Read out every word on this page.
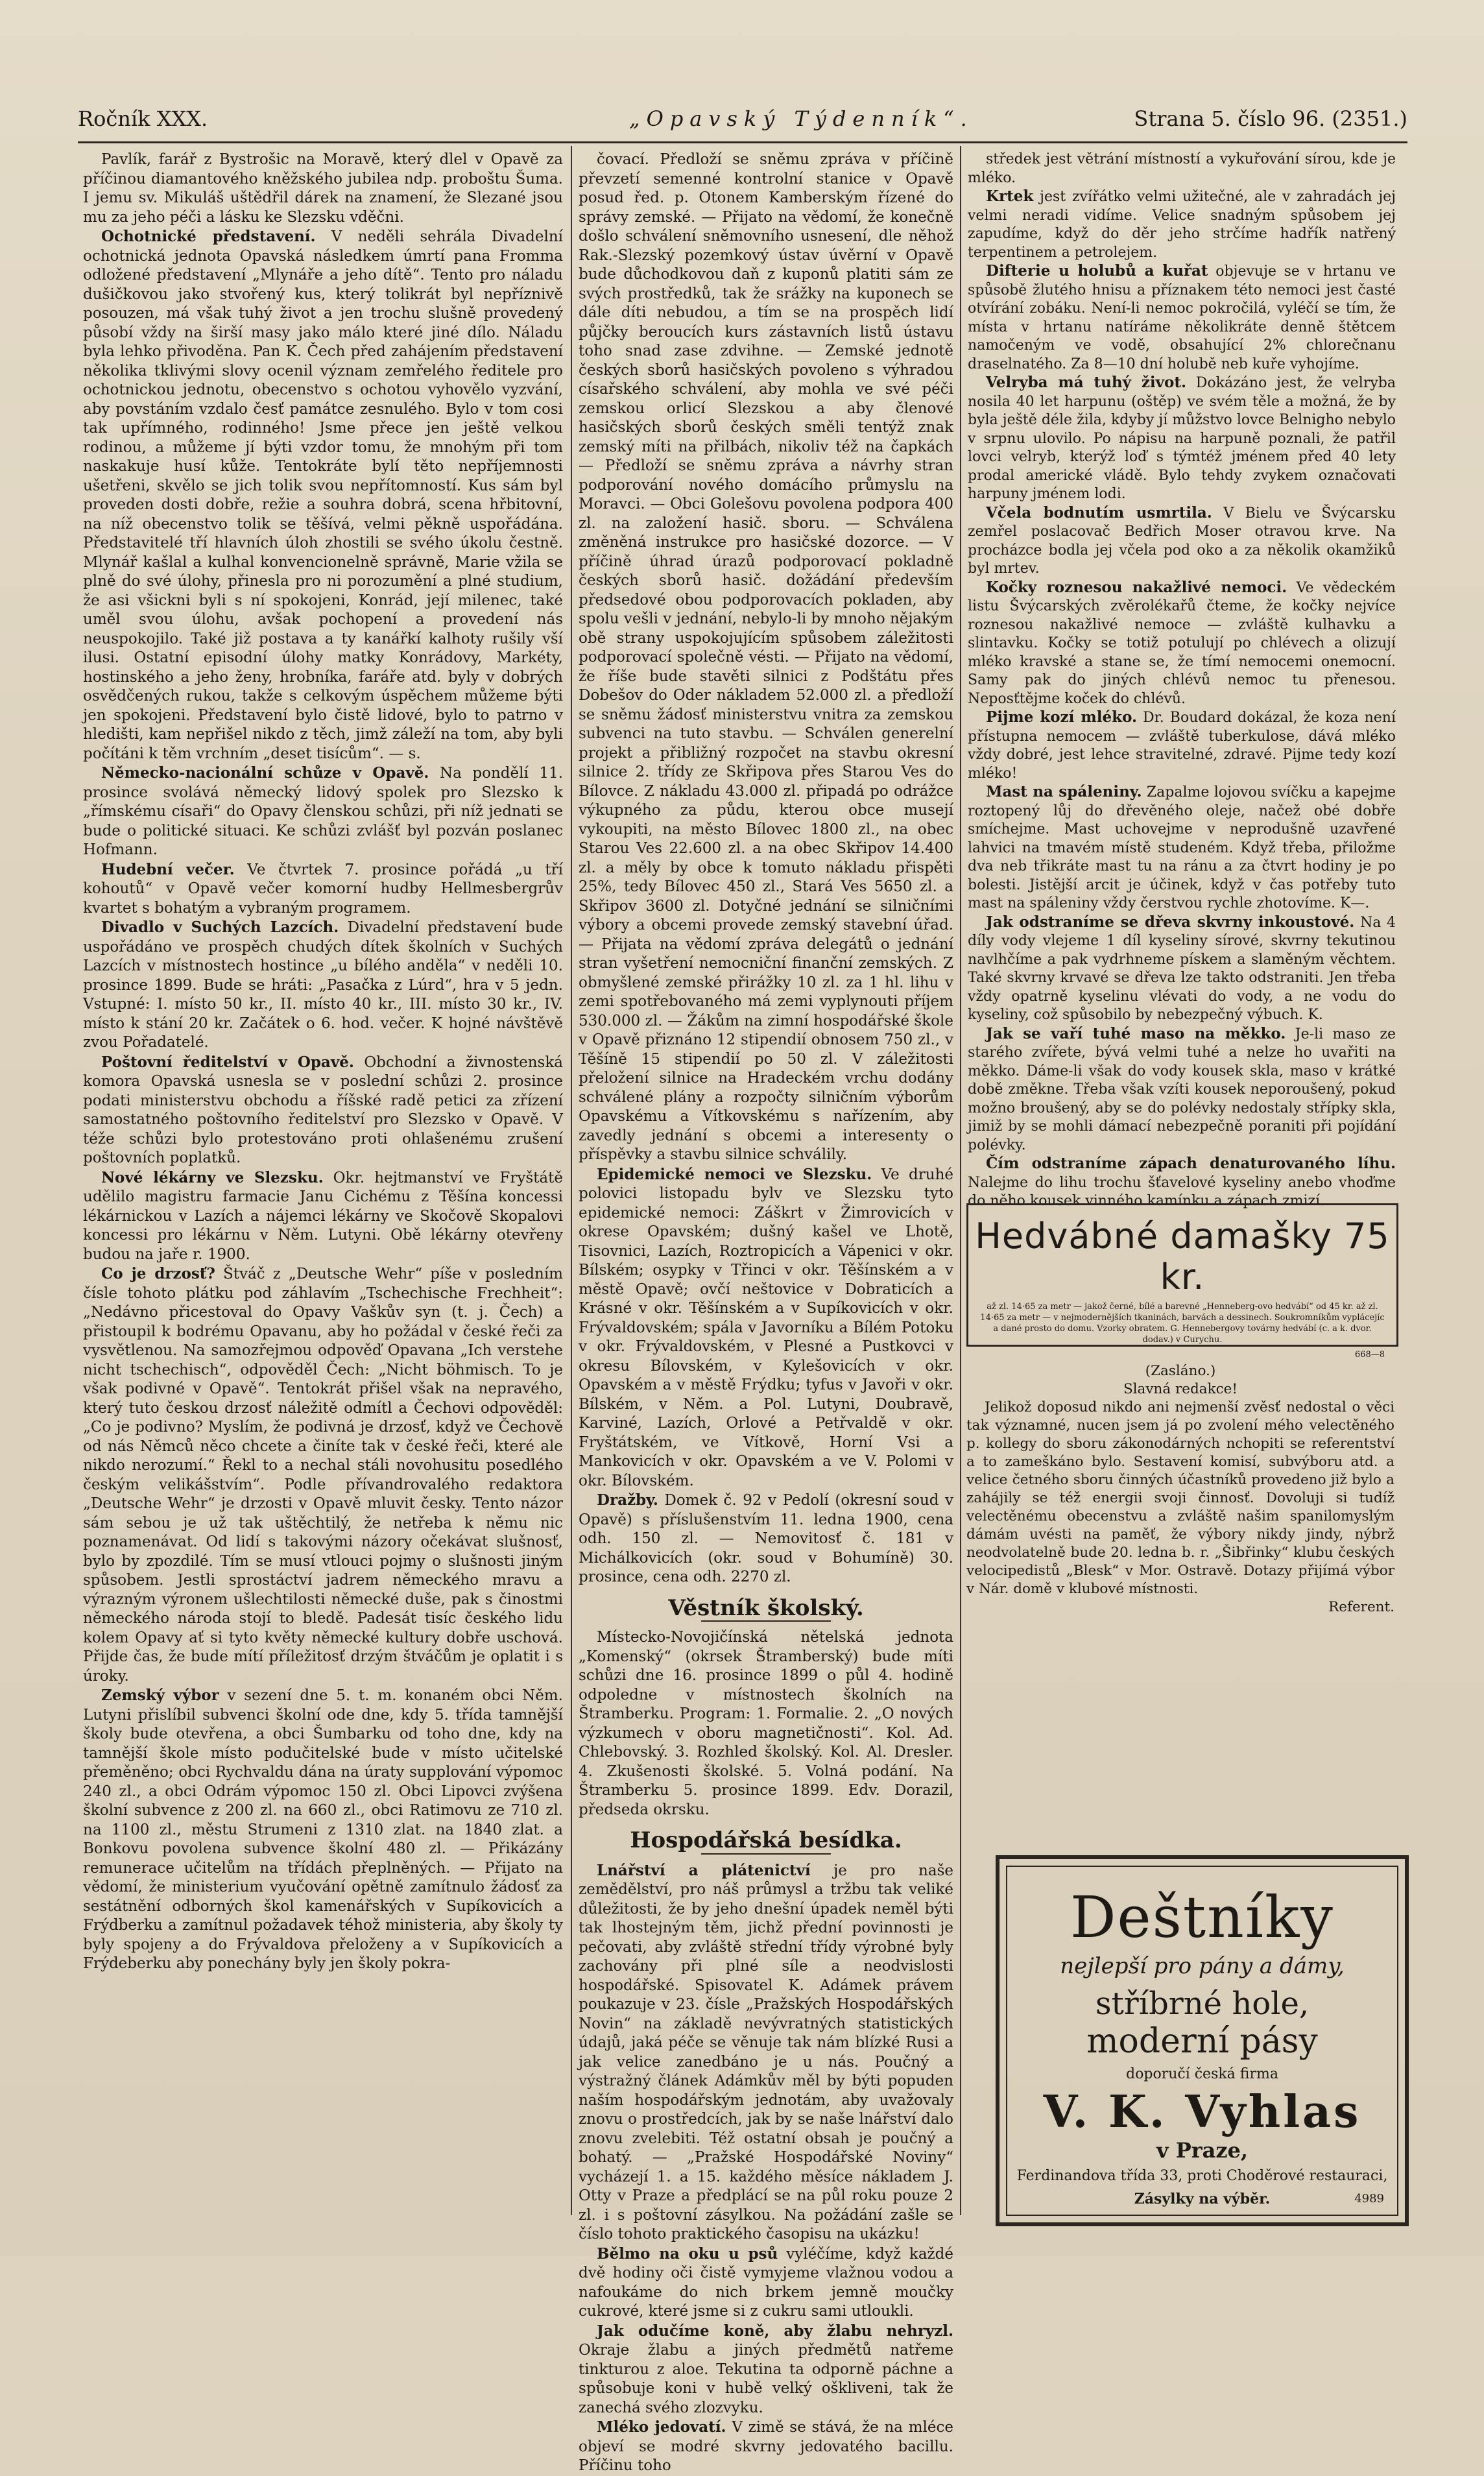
Ročník XXX.	„Opavský Týdenník“.	Strana 5. číslo 96. (2351.)

Pavlík, farář z Bystrošic na Moravě, který dlel v Opavě za příčinou diamantového kněžského jubilea ndp. proboštu Šuma. I jemu sv. Mikuláš uštědřil dárek na znamení, že Slezané jsou mu za jeho péči a lásku ke Slezsku vděčni.

Ochotnické představení. V neděli sehrála Divadelní ochotnická jednota Opavská následkem úmrtí pana Fromma odložené představení „Mlynáře a jeho dítě“. Tento pro náladu dušičkovou jako stvořený kus, který tolikrát byl nepříznivě posouzen, má však tuhý život a jen trochu slušně provedený působí vždy na širší masy jako málo které jiné dílo. Náladu byla lehko přivoděna. Pan K. Čech před zahájením představení několika tklivými slovy ocenil význam zemřelého ředitele pro ochotnickou jednotu, obecenstvo s ochotou vyhovělo vyzvání, aby povstáním vzdalo česť památce zesnulého. Bylo v tom cosi tak upřímného, rodinného! Jsme přece jen ještě velkou rodinou, a můžeme jí býti vzdor tomu, že mnohým při tom naskakuje husí kůže. Tentokráte bylí těto nepříjemnosti ušetřeni, skvělo se jich tolik svou nepřítomností. Kus sám byl proveden dosti dobře, režie a souhra dobrá, scena hřbitovní, na níž obecenstvo tolik se těšívá, velmi pěkně uspořádána. Představitelé tří hlavních úloh zhostili se svého úkolu čestně. Mlynář kašlal a kulhal konvencionelně správně, Marie vžila se plně do své úlohy, přinesla pro ni porozumění a plné studium, že asi všickni byli s ní spokojeni, Konrád, její milenec, také uměl svou úlohu, avšak pochopení a provedení nás neuspokojilo. Také již postava a ty kanářkí kalhoty rušily vší ilusi. Ostatní episodní úlohy matky Konrádovy, Markéty, hostinského a jeho ženy, hrobníka, faráře atd. byly v dobrých osvědčených rukou, takže s celkovým úspěchem můžeme býti jen spokojeni. Představení bylo čistě lidové, bylo to patrno v hledišti, kam nepřišel nikdo z těch, jimž záleží na tom, aby byli počítáni k těm vrchním „deset tisícům“. — s.

Německo-nacionální schůze v Opavě. Na pondělí 11. prosince svolává německý lidový spolek pro Slezsko k „římskému císaři“ do Opavy členskou schůzi, při níž jednati se bude o politické situaci. Ke schůzi zvlášť byl pozván poslanec Hofmann.

Hudební večer. Ve čtvrtek 7. prosince pořádá „u tří kohoutů“ v Opavě večer komorní hudby Hellmesbergrův kvartet s bohatým a vybraným programem.

Divadlo v Suchých Lazcích. Divadelní představení bude uspořádáno ve prospěch chudých dítek školních v Suchých Lazcích v místnostech hostince „u bílého anděla“ v neděli 10. prosince 1899. Bude se hráti: „Pasačka z Lúrd“, hra v 5 jedn. Vstupné: I. místo 50 kr., II. místo 40 kr., III. místo 30 kr., IV. místo k stání 20 kr. Začátek o 6. hod. večer. K hojné návštěvě zvou Pořadatelé.

Poštovní ředitelství v Opavě. Obchodní a živnostenská komora Opavská usnesla se v poslední schůzi 2. prosince podati ministerstvu obchodu a říšské radě petici za zřízení samostatného poštovního ředitelství pro Slezsko v Opavě. V téže schůzi bylo protestováno proti ohlašenému zrušení poštovních poplatků.

Nové lékárny ve Slezsku. Okr. hejtmanství ve Fryštátě udělilo magistru farmacie Janu Cichému z Těšína koncessi lékárnickou v Lazích a nájemci lékárny ve Skočově Skopalovi koncessi pro lékárnu v Něm. Lutyni. Obě lékárny otevřeny budou na jaře r. 1900.

Co je drzosť? Štváč z „Deutsche Wehr“ píše v posledním čísle tohoto plátku pod záhlavím „Tschechische Frechheit“: „Nedávno přicestoval do Opavy Vaškův syn (t. j. Čech) a přistoupil k bodrému Opavanu, aby ho požádal v české řeči za vysvětlenou. Na samozřejmou odpověď Opavana „Ich verstehe nicht tschechisch“, odpověděl Čech: „Nicht böhmisch. To je však podivné v Opavě“. Tentokrát přišel však na nepravého, který tuto českou drzosť náležitě odmítl a Čechovi odpověděl: „Co je podivno? Myslím, že podivná je drzosť, když ve Čechově od nás Němců něco chcete a činíte tak v české řeči, které ale nikdo nerozumí.“ Řekl to a nechal stáli novohusitu posedlého českým velikášstvím“. Podle přívandrovalého redaktora „Deutsche Wehr“ je drzosti v Opavě mluvit česky. Tento názor sám sebou je už tak uštěchtilý, že netřeba k němu nic poznamenávat. Od lidí s takovými názory očekávat slušnosť, bylo by zpozdilé. Tím se musí vtlouci pojmy o slušnosti jiným spůsobem. Jestli sprostáctví jadrem německého mravu a výrazným výronem ušlechtilosti německé duše, pak s činostmi německého národa stojí to bledě. Padesát tisíc českého lidu kolem Opavy ať si tyto květy německé kultury dobře uschová. Přijde čas, že bude mítí příležitosť drzým štváčům je oplatit i s úroky.

Zemský výbor v sezení dne 5. t. m. konaném obci Něm. Lutyni přislíbil subvenci školní ode dne, kdy 5. třída tamnější školy bude otevřena, a obci Šumbarku od toho dne, kdy na tamnější škole místo podučitelské bude v místo učitelské přeměněno; obci Rychvaldu dána na úraty supplování výpomoc 240 zl., a obci Odrám výpomoc 150 zl. Obci Lipovci zvýšena školní subvence z 200 zl. na 660 zl., obci Ratimovu ze 710 zl. na 1100 zl., městu Strumeni z 1310 zlat. na 1840 zlat. a Bonkovu povolena subvence školní 480 zl. — Přikázány remunerace učitelům na třídách přeplněných. — Přijato na vědomí, že ministerium vyučování opětně zamítnulo žádosť za sestátnění odborných škol kamenářských v Supíkovicích a Frýdberku a zamítnul požadavek téhož ministeria, aby školy ty byly spojeny a do Frývaldova přeloženy a v Supíkovicích a Frýdeberku aby ponechány byly jen školy pokra-

čovací. Předloží se sněmu zpráva v příčině převzetí semenné kontrolní stanice v Opavě posud řed. p. Otonem Kamberským řízené do správy zemské. — Přijato na vědomí, že konečně došlo schválení sněmovního usnesení, dle něhož Rak.-Slezský pozemkový ústav úvěrní v Opavě bude důchodkovou daň z kuponů platiti sám ze svých prostředků, tak že srážky na kuponech se dále díti nebudou, a tím se na prospěch lidí půjčky beroucích kurs zástavních listů ústavu toho snad zase zdvihne. — Zemské jednotě českých sborů hasičských povoleno s výhradou císařského schválení, aby mohla ve své péči zemskou orlicí Slezskou a aby členové hasičských sborů českých směli tentýž znak zemský míti na přilbách, nikoliv též na čapkách — Předloží se sněmu zpráva a návrhy stran podporování nového domácího průmyslu na Moravci. — Obci Golešovu povolena podpora 400 zl. na založení hasič. sboru. — Schválena změněná instrukce pro hasičské dozorce. — V příčině úhrad úrazů podporovací pokladně českých sborů hasič. dožádání především předsedové obou podporovacích pokladen, aby spolu vešli v jednání, nebylo-li by mnoho nějakým obě strany uspokojujícím spůsobem záležitosti podporovací společně vésti. — Přijato na vědomí, že říše bude stavěti silnici z Podštátu přes Dobešov do Oder nákladem 52.000 zl. a předloží se sněmu žádosť ministerstvu vnitra za zemskou subvenci na tuto stavbu. — Schválen generelní projekt a přibližný rozpočet na stavbu okresní silnice 2. třídy ze Skřipova přes Starou Ves do Bílovce. Z nákladu 43.000 zl. připadá po odrážce výkupného za půdu, kterou obce musejí vykoupiti, na město Bílovec 1800 zl., na obec Starou Ves 22.600 zl. a na obec Skřipov 14.400 zl. a měly by obce k tomuto nákladu přispěti 25%, tedy Bílovec 450 zl., Stará Ves 5650 zl. a Skřipov 3600 zl. Dotyčné jednání se silničními výbory a obcemi provede zemský stavební úřad. — Přijata na vědomí zpráva delegátů o jednání stran vyšetření nemocniční finanční zemských. Z obmyšlené zemské přirážky 10 zl. za 1 hl. lihu v zemi spotřebovaného má zemi vyplynouti příjem 530.000 zl. — Žákům na zimní hospodářské škole v Opavě přiznáno 12 stipendií obnosem 750 zl., v Těšíně 15 stipendií po 50 zl. V záležitosti přeložení silnice na Hradeckém vrchu dodány schválené plány a rozpočty silničním výborům Opavskému a Vítkovskému s nařízením, aby zavedly jednání s obcemi a interesenty o příspěvky a stavbu silnice schválily.

Epidemické nemoci ve Slezsku. Ve druhé polovici listopadu bylv ve Slezsku tyto epidemické nemoci: Záškrt v Žimrovicích v okrese Opavském; dušný kašel ve Lhotě, Tisovnici, Lazích, Roztropicích a Vápenici v okr. Bílském; osypky v Třinci v okr. Těšínském a v městě Opavě; ovčí neštovice v Dobraticích a Krásné v okr. Těšínském a v Supíkovicích v okr. Frývaldovském; spála v Javorníku a Bílém Potoku v okr. Frývaldovském, v Plesné a Pustkovci v okresu Bílovském, v Kylešovicích v okr. Opavském a v městě Frýdku; tyfus v Javoři v okr. Bílském, v Něm. a Pol. Lutyni, Doubravě, Karviné, Lazích, Orlové a Petřvaldě v okr. Fryštátském, ve Vítkově, Horní Vsi a Mankovicích v okr. Opavském a ve V. Polomi v okr. Bílovském.

Dražby. Domek č. 92 v Pedolí (okresní soud v Opavě) s příslušenstvím 11. ledna 1900, cena odh. 150 zl. — Nemovitosť č. 181 v Michálkovicích (okr. soud v Bohumíně) 30. prosince, cena odh. 2270 zl.

Věstník školský.

Místecko-Novojičínská nětelská jednota „Komenský“ (okrsek Štramberský) bude míti schůzi dne 16. prosince 1899 o půl 4. hodině odpoledne v místnostech školních na Štramberku. Program: 1. Formalie. 2. „O nových výzkumech v oboru magnetičnosti“. Kol. Ad. Chlebovský. 3. Rozhled školský. Kol. Al. Dresler. 4. Zkušenosti školské. 5. Volná podání. Na Štramberku 5. prosince 1899. Edv. Dorazil, předseda okrsku.

Hospodářská besídka.

Lnářství a plátenictví je pro naše zemědělství, pro náš průmysl a tržbu tak veliké důležitosti, že by jeho dnešní úpadek neměl býti tak lhostejným těm, jichž přední povinnosti je pečovati, aby zvláště střední třídy výrobné byly zachovány při plné síle a neodvislosti hospodářské. Spisovatel K. Adámek právem poukazuje v 23. čísle „Pražských Hospodářských Novin“ na základě nevývratných statistických údajů, jaká péče se věnuje tak nám blízké Rusi a jak velice zanedbáno je u nás. Poučný a výstražný článek Adámkův měl by býti popuden naším hospodářským jednotám, aby uvažovaly znovu o prostředcích, jak by se naše lnářství dalo znovu zvelebiti. Též ostatní obsah je poučný a bohatý. — „Pražské Hospodářské Noviny“ vycházejí 1. a 15. každého měsíce nákladem J. Otty v Praze a předplácí se na půl roku pouze 2 zl. i s poštovní zásylkou. Na požádání zašle se číslo tohoto praktického časopisu na ukázku!

Bělmo na oku u psů vyléčíme, když každé dvě hodiny oči čistě vymyjeme vlažnou vodou a nafoukáme do nich brkem jemně moučky cukrové, které jsme si z cukru sami utloukli.

Jak odučíme koně, aby žlabu nehryzl. Okraje žlabu a jiných předmětů natřeme tinkturou z aloe. Tekutina ta odporně páchne a spůsobuje koni v hubě velký oškliveni, tak že zanechá svého zlozvyku.

Mléko jedovatí. V zimě se stává, že na mléce objeví se modré skvrny jedovatého bacillu. Příčinu toho

středek jest větrání místností a vykuřování sírou, kde je mléko.

Krtek jest zvířátko velmi užitečné, ale v zahradách jej velmi neradi vidíme. Velice snadným spůsobem jej zapudíme, když do děr jeho strčíme hadřík natřený terpentinem a petrolejem.

Difterie u holubů a kuřat objevuje se v hrtanu ve spůsobě žlutého hnisu a příznakem této nemoci jest časté otvírání zobáku. Není-li nemoc pokročilá, vyléčí se tím, že místa v hrtanu natíráme několikráte denně štětcem namočeným ve vodě, obsahující 2% chlorečnanu draselnatého. Za 8—10 dní holubě neb kuře vyhojíme.

Velryba má tuhý život. Dokázáno jest, že velryba nosila 40 let harpunu (oštěp) ve svém těle a možná, že by byla ještě déle žila, kdyby jí můžstvo lovce Belnigho nebylo v srpnu ulovilo. Po nápisu na harpuně poznali, že patřil lovci velryb, kterýž loď s týmtéž jménem před 40 lety prodal americké vládě. Bylo tehdy zvykem označovati harpuny jménem lodi.

Včela bodnutím usmrtila. V Bielu ve Švýcarsku zemřel poslacovač Bedřich Moser otravou krve. Na procházce bodla jej včela pod oko a za několik okamžiků byl mrtev.

Kočky roznesou nakažlivé nemoci. Ve vědeckém listu Švýcarských zvěrolékařů čteme, že kočky nejvíce roznesou nakažlivé nemoce — zvláště kulhavku a slintavku. Kočky se totiž potulují po chlévech a olizují mléko kravské a stane se, že tímí nemocemi onemocní. Samy pak do jiných chlévů nemoc tu přenesou. Neposťtějme koček do chlévů.

Pijme kozí mléko. Dr. Boudard dokázal, že koza není přístupna nemocem — zvláště tuberkulose, dává mléko vždy dobré, jest lehce stravitelné, zdravé. Pijme tedy kozí mléko!

Mast na spáleniny. Zapalme lojovou svíčku a kapejme roztopený lůj do dřevěného oleje, načež obé dobře smíchejme. Mast uchovejme v neprodušně uzavřené lahvici na tmavém místě studeném. Když třeba, přiložme dva neb třikráte mast tu na ránu a za čtvrt hodiny je po bolesti. Jistější arcit je účinek, když v čas potřeby tuto mast na spáleniny vždy čerstvou rychle zhotovíme. K—.

Jak odstraníme se dřeva skvrny inkoustové. Na 4 díly vody vlejeme 1 díl kyseliny sírové, skvrny tekutinou navlhčíme a pak vydrhneme pískem a slaměným věchtem. Také skvrny krvavé se dřeva lze takto odstraniti. Jen třeba vždy opatrně kyselinu vlévati do vody, a ne vodu do kyseliny, což spůsobilo by nebezpečný výbuch. K.

Jak se vaří tuhé maso na měkko. Je-li maso ze starého zvířete, bývá velmi tuhé a nelze ho uvařiti na měkko. Dáme-li však do vody kousek skla, maso v krátké době změkne. Třeba však vzíti kousek neporoušený, pokud možno broušený, aby se do polévky nedostaly střípky skla, jimiž by se mohli dámací nebezpečně poraniti při pojídání polévky.

Čím odstraníme zápach denaturovaného líhu. Nalejme do lihu trochu šťavelové kyseliny anebo vhoďme do něho kousek vinného kamínku a zápach zmizí.

Hedvábné damašky 75 kr.
až zl. 14·65 za metr — jakož černé, bílé a barevné „Henneberg-ovo hedvábí“ od 45 kr. až zl. 14·65 za metr — v nejmodernějších tkaninách, barvách a dessinech. Soukromníkům vyplácejíc a dané prosto do domu. Vzorky obratem. G. Hennebergovy továrny hedvábí (c. a k. dvor. dodav.) v Curychu.
668—8

(Zasláno.)

Slavná redakce!

Jelikož doposud nikdo ani nejmenší zvěsť nedostal o věci tak významné, nucen jsem já po zvolení mého velectěného p. kollegy do sboru zákonodárných nchopiti se referentství a to zameškáno bylo. Sestavení komisí, subvýboru atd. a velice četného sboru činných účastníků provedeno již bylo a zahájily se též energii svoji činnosť. Dovoluji si tudíž velectěnému obecenstvu a zvláště našim spanilomyslým dámám uvésti na paměť, že výbory nikdy jindy, nýbrž neodvolatelně bude 20. ledna b. r. „Šibřinky“ klubu českých velocipedistů „Blesk“ v Mor. Ostravě. Dotazy přijímá výbor v Nár. domě v klubové místnosti.

Referent.

Deštníky
nejlepší pro pány a dámy,
stříbrné hole,
moderní pásy
doporučí česká firma
V. K. Vyhlas
v Praze,
Ferdinandova třída 33, proti Choděrové restauraci,
Zásylky na výběr.	4989
